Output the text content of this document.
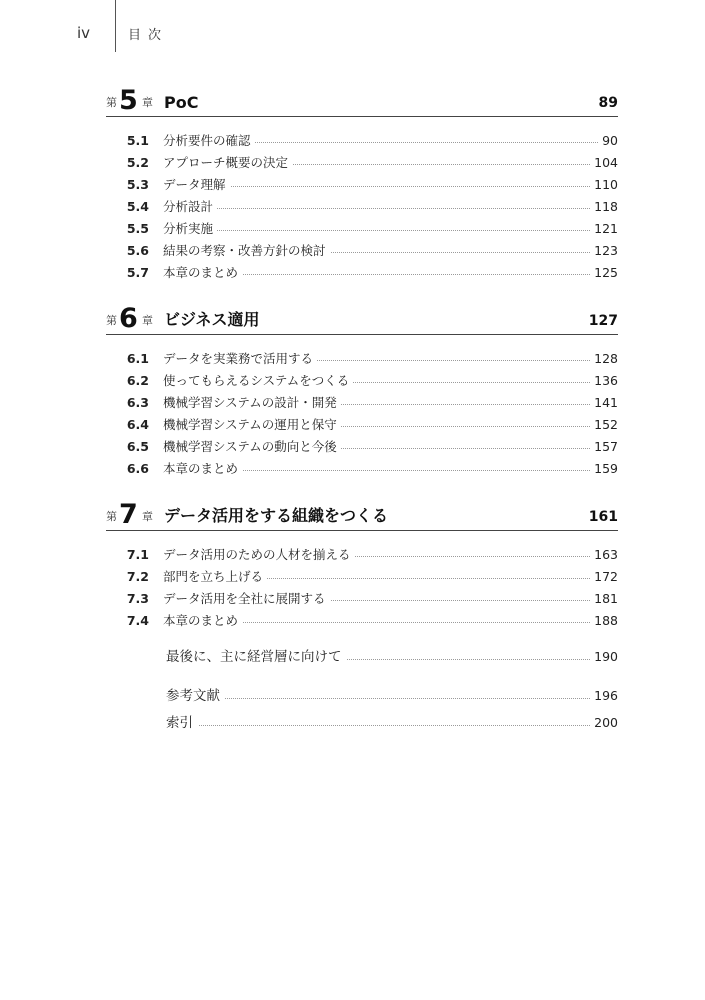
iv	目次
第 5 章 PoC	89
5.1 分析要件の確認	90
5.2 アプローチ概要の決定	104
5.3 データ理解	110
5.4 分析設計	118
5.5 分析実施	121
5.6 結果の考察・改善方針の検討	123
5.7 本章のまとめ	125
第 6 章 ビジネス適用	127
6.1 データを実業務で活用する	128
6.2 使ってもらえるシステムをつくる	136
6.3 機械学習システムの設計・開発	141
6.4 機械学習システムの運用と保守	152
6.5 機械学習システムの動向と今後	157
6.6 本章のまとめ	159
第 7 章 データ活用をする組織をつくる	161
7.1 データ活用のための人材を揃える	163
7.2 部門を立ち上げる	172
7.3 データ活用を全社に展開する	181
7.4 本章のまとめ	188
最後に、主に経営層に向けて	190
参考文献	196
索引	200
